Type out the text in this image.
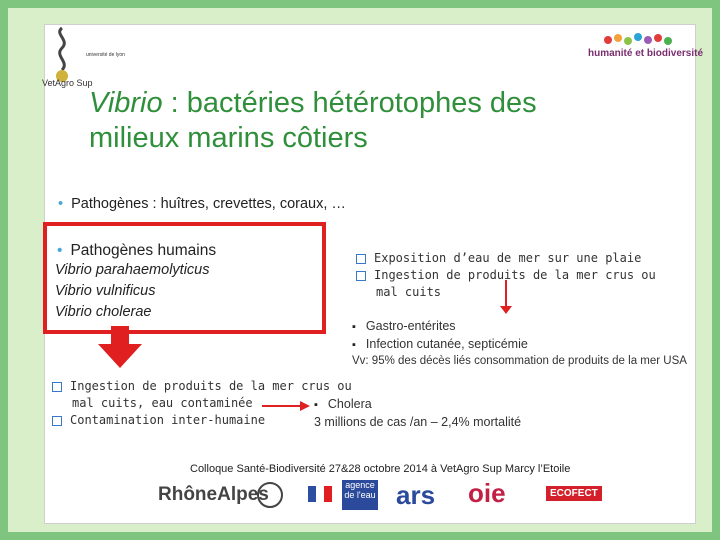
université de lyon
VetAgro Sup
humanité et biodiversité
Vibrio : bactéries hétérotophes des
milieux marins côtiers
• Pathogènes : huîtres, crevettes, coraux, …
• Pathogènes humains
Vibrio parahaemolyticus
Vibrio vulnificus
Vibrio cholerae
Exposition d’eau de mer sur une plaie
Ingestion de produits de la mer crus ou
mal cuits
▪ Gastro-entérites
▪ Infection cutanée, septicémie
Vv: 95% des décès liés consommation de produits de la mer USA
Ingestion de produits de la mer crus ou
mal cuits, eau contaminée
Contamination inter-humaine
▪ Cholera
3 millions de cas /an – 2,4% mortalité
Colloque Santé-Biodiversité 27&28 octobre 2014 à VetAgro Sup Marcy l’Etoile
RhôneAlpes	agence de l'eau ars oie	ECOFECT
